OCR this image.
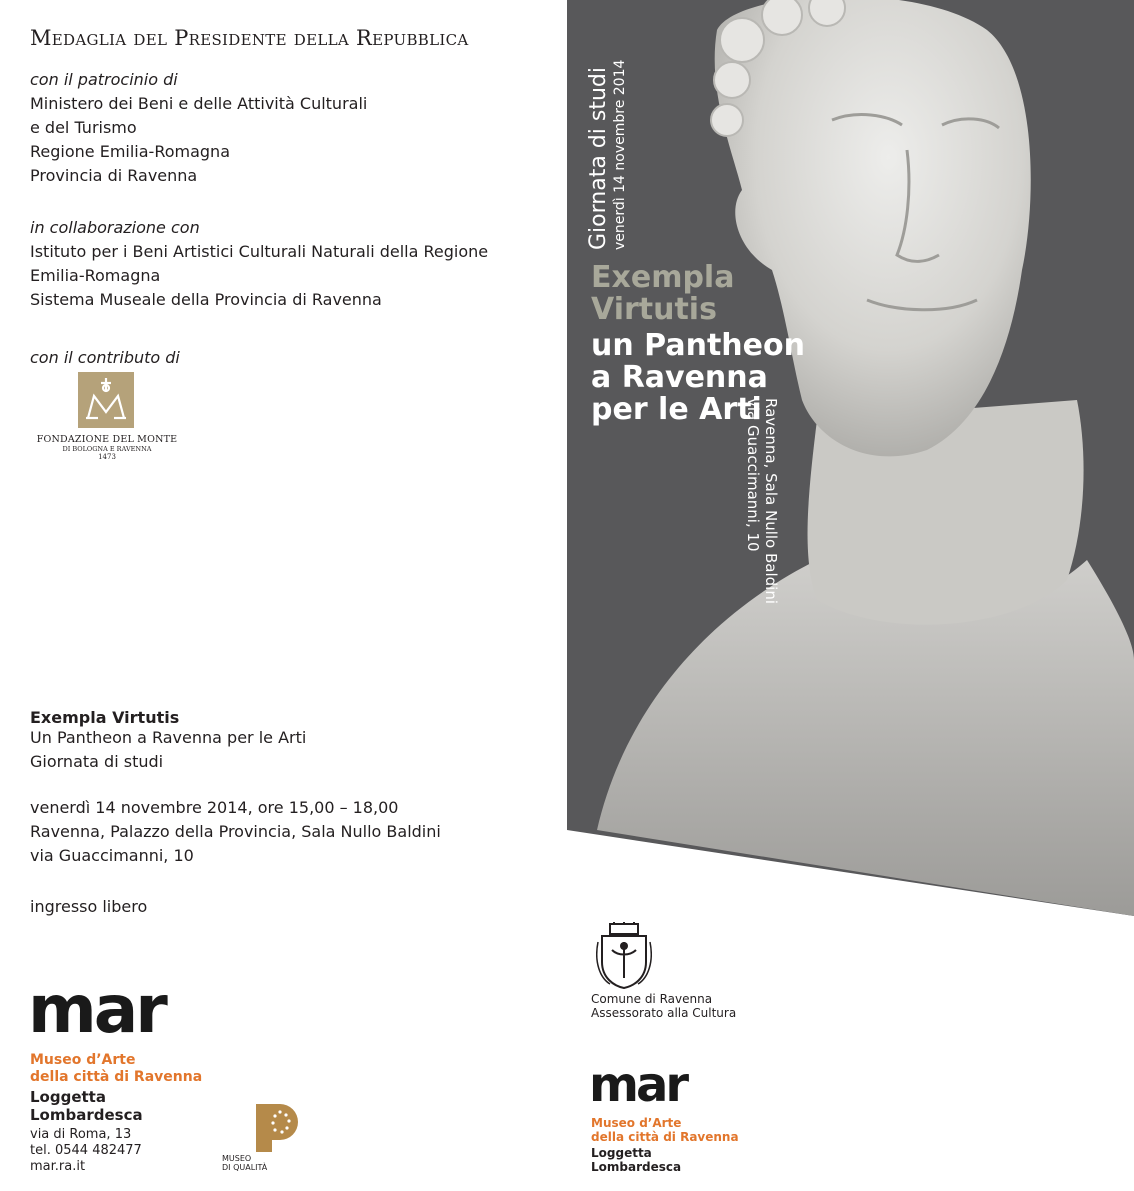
Medaglia del Presidente della Repubblica
con il patrocinio di
Ministero dei Beni e delle Attività Culturali
e del Turismo
Regione Emilia-Romagna
Provincia di Ravenna
in collaborazione con
Istituto per i Beni Artistici Culturali Naturali della Regione
Emilia-Romagna
Sistema Museale della Provincia di Ravenna
con il contributo di
FONDAZIONE DEL MONTE
DI BOLOGNA E RAVENNA
1473
Exempla Virtutis
Un Pantheon a Ravenna per le Arti
Giornata di studi
venerdì 14 novembre 2014, ore 15,00 – 18,00
Ravenna, Palazzo della Provincia, Sala Nullo Baldini
via Guaccimanni, 10
ingresso libero
mar
Museo d’Arte
della città di Ravenna
Loggetta
Lombardesca
via di Roma, 13
tel. 0544 482477
mar.ra.it
MUSEO
DI QUALITÀ
Giornata di studi venerdì 14 novembre 2014
Exempla
Virtutis
un Pantheon
a Ravenna
per le Arti Ravenna, Sala Nullo Baldini
via Guaccimanni, 10
Comune di Ravenna
Assessorato alla Cultura
mar
Museo d’Arte
della città di Ravenna
Loggetta
Lombardesca
